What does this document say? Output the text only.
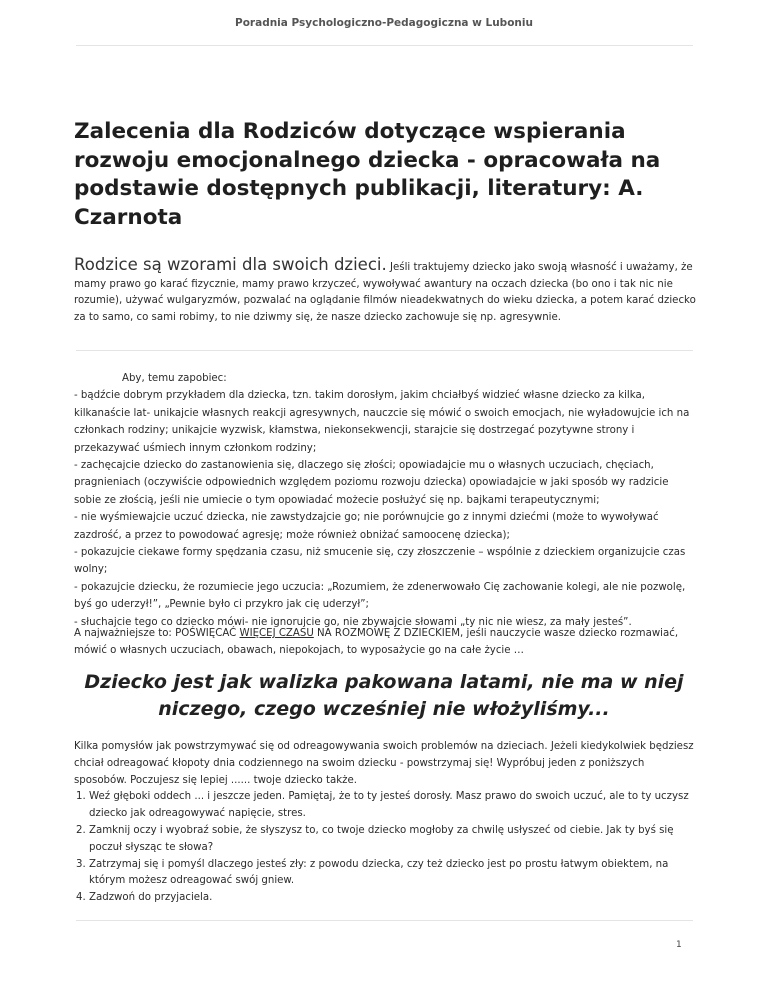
Poradnia Psychologiczno-Pedagogiczna w Luboniu
Zalecenia dla Rodziców dotyczące wspierania rozwoju emocjonalnego dziecka - opracowała na podstawie dostępnych publikacji, literatury: A. Czarnota
Rodzice są wzorami dla swoich dzieci. Jeśli traktujemy dziecko jako swoją własność i uważamy, że mamy prawo go karać fizycznie, mamy prawo krzyczeć, wywoływać awantury na oczach dziecka (bo ono i tak nic nie rozumie), używać wulgaryzmów, pozwalać na oglądanie filmów nieadekwatnych do wieku dziecka, a potem karać dziecko za to samo, co sami robimy, to nie dziwmy się, że nasze dziecko zachowuje się np. agresywnie.
Aby, temu zapobiec:
- bądźcie dobrym przykładem dla dziecka, tzn. takim dorosłym, jakim chciałbyś widzieć własne dziecko za kilka, kilkanaście lat- unikajcie własnych reakcji agresywnych, nauczcie się mówić o swoich emocjach, nie wyładowujcie ich na członkach rodziny; unikajcie wyzwisk, kłamstwa, niekonsekwencji, starajcie się dostrzegać pozytywne strony i przekazywać uśmiech innym członkom rodziny;
- zachęcajcie dziecko do zastanowienia się, dlaczego się złości; opowiadajcie mu o własnych uczuciach, chęciach, pragnieniach (oczywiście odpowiednich względem poziomu rozwoju dziecka) opowiadajcie w jaki sposób wy radzicie sobie ze złością, jeśli nie umiecie o tym opowiadać możecie posłużyć się np. bajkami terapeutycznymi;
- nie wyśmiewajcie uczuć dziecka, nie zawstydzajcie go; nie porównujcie go z innymi dziećmi (może to wywoływać zazdrość, a przez to powodować agresję; może również obniżać samoocenę dziecka);
- pokazujcie ciekawe formy spędzania czasu, niż smucenie się, czy złoszczenie – wspólnie z dzieckiem organizujcie czas wolny;
- pokazujcie dziecku, że rozumiecie jego uczucia: „Rozumiem, że zdenerwowało Cię zachowanie kolegi, ale nie pozwolę, byś go uderzył!”, „Pewnie było ci przykro jak cię uderzył”;
- słuchajcie tego co dziecko mówi- nie ignorujcie go, nie zbywajcie słowami „ty nic nie wiesz, za mały jesteś”.
A najważniejsze to: POŚWIĘCAĆ WIĘCEJ CZASU NA ROZMOWĘ Z DZIECKIEM, jeśli nauczycie wasze dziecko rozmawiać, mówić o własnych uczuciach, obawach, niepokojach, to wyposażycie go na całe życie …
Dziecko jest jak walizka pakowana latami, nie ma w niej niczego, czego wcześniej nie włożyliśmy...
Kilka pomysłów jak powstrzymywać się od odreagowywania swoich problemów na dzieciach. Jeżeli kiedykolwiek będziesz chciał odreagować kłopoty dnia codziennego na swoim dziecku - powstrzymaj się! Wypróbuj jeden z poniższych sposobów. Poczujesz się lepiej ...... twoje dziecko także.
1. Weź głęboki oddech ... i jeszcze jeden. Pamiętaj, że to ty jesteś dorosły. Masz prawo do swoich uczuć, ale to ty uczysz dziecko jak odreagowywać napięcie, stres.
2. Zamknij oczy i wyobraź sobie, że słyszysz to, co twoje dziecko mogłoby za chwilę usłyszeć od ciebie. Jak ty byś się poczuł słysząc te słowa?
3. Zatrzymaj się i pomyśl dlaczego jesteś zły: z powodu dziecka, czy też dziecko jest po prostu łatwym obiektem, na którym możesz odreagować swój gniew.
4. Zadzwoń do przyjaciela.
1
